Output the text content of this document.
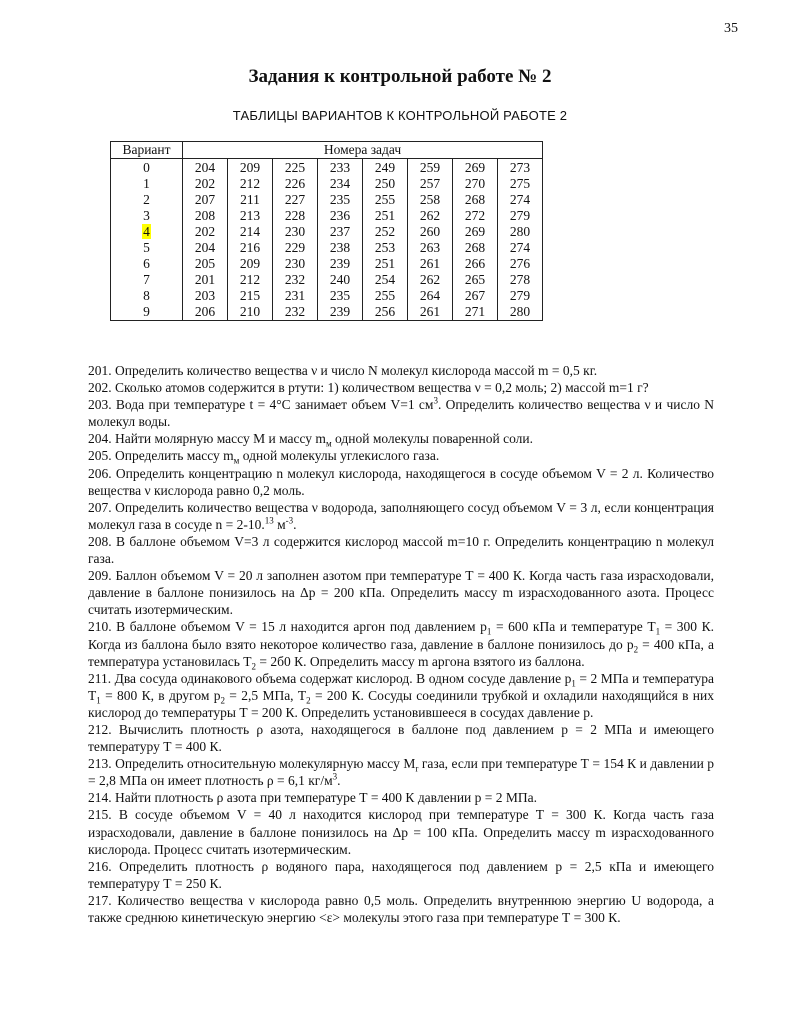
35
Задания к контрольной работе № 2
ТАБЛИЦЫ ВАРИАНТОВ К КОНТРОЛЬНОЙ РАБОТЕ 2
Вариант	Номера задач							
0	204	209	225	233	249	259	269	273
1	202	212	226	234	250	257	270	275
2	207	211	227	235	255	258	268	274
3	208	213	228	236	251	262	272	279
4	202	214	230	237	252	260	269	280
5	204	216	229	238	253	263	268	274
6	205	209	230	239	251	261	266	276
7	201	212	232	240	254	262	265	278
8	203	215	231	235	255	264	267	279
9	206	210	232	239	256	261	271	280

201. Определить количество вещества ν и число N молекул кислорода массой m = 0,5 кг.

202. Сколько атомов содержится в ртути: 1) количеством вещества ν = 0,2 моль; 2) массой m=1 г?

203. Вода при температуре t = 4°С занимает объем V=1 $см^3$. Определить количество вещества ν и число N молекул воды.

204. Найти молярную массу М и массу $m_м$ одной молекулы поваренной соли.

205. Определить массу $m_м$ одной молекулы углекислого газа.

206. Определить концентрацию n молекул кислорода, находящегося в сосуде объемом V = 2 л. Количество вещества ν кислорода равно 0,2 моль.

207. Определить количество вещества ν водорода, заполняющего сосуд объемом V = 3 л, если концентрация молекул газа в сосуде n = 2-10.13 $м^{-3}$.

208. В баллоне объемом V=3 л содержится кислород массой m=10 г. Определить концентрацию n молекул газа.

209. Баллон объемом V = 20 л заполнен азотом при температуре Т = 400 К. Когда часть газа израсходовали, давление в баллоне понизилось на Δр = 200 кПа. Определить массу m израсходованного азота. Процесс считать изотермическим.

210. В баллоне объемом V = 15 л находится аргон под давлением $р_1 = 600$ кПа и температуре $T_1 = 300$ К. Когда из баллона было взято некоторое количество газа, давление в баллоне понизилось до $р_2 = 400$ кПа, а температура установилась $T_2 = 2б0$ К. Определить массу m аргона взятого из баллона.

211. Два сосуда одинакового объема содержат кислород. В одном сосуде давление $р_1 = 2$ МПа и температура $T_1 = 800$ К, в другом $р_2 = 2,5$ МПа, $Т_2 = 200$ К. Сосуды соединили трубкой и охладили находящийся в них кислород до температуры Т = 200 К. Определить установившееся в сосудах давление р.

212. Вычислить плотность ρ азота, находящегося в баллоне под давлением р = 2 МПа и имеющего температуру Т = 400 К.

213. Определить относительную молекулярную массу $M_r$ газа, если при температуре Т = 154 К и давлении р = 2,8 МПа он имеет плотность ρ = 6,1 $кг/м^3$.

214. Найти плотность ρ азота при температуре Т = 400 К давлении р = 2 МПа.

215. В сосуде объемом V = 40 л находится кислород при температуре Т = 300 К. Когда часть газа израсходовали, давление в баллоне понизилось на Δр = 100 кПа. Определить массу m израсходованного кислорода. Процесс считать изотермическим.

216. Определить плотность ρ водяного пара, находящегося под давлением р = 2,5 кПа и имеющего температуру Т = 250 К.

217. Количество вещества ν кислорода равно 0,5 моль. Определить внутреннюю энергию U водорода, а также среднюю кинетическую энергию <ε> молекулы этого газа при температуре Т = 300 К.
